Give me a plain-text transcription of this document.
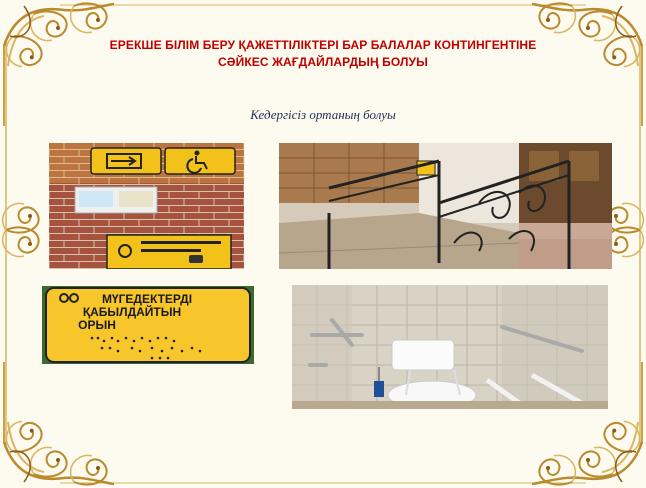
ЕРЕКШЕ БІЛІМ БЕРУ ҚАЖЕТТІЛІКТЕРІ БАР БАЛАЛАР КОНТИНГЕНТІНЕ
СӘЙКЕС ЖАҒДАЙЛАРДЫҢ БОЛУЫ
Кедергісіз ортаның болуы
МҮГЕДЕКТЕРДІ
ҚАБЫЛДАЙТЫН
ОРЫН
